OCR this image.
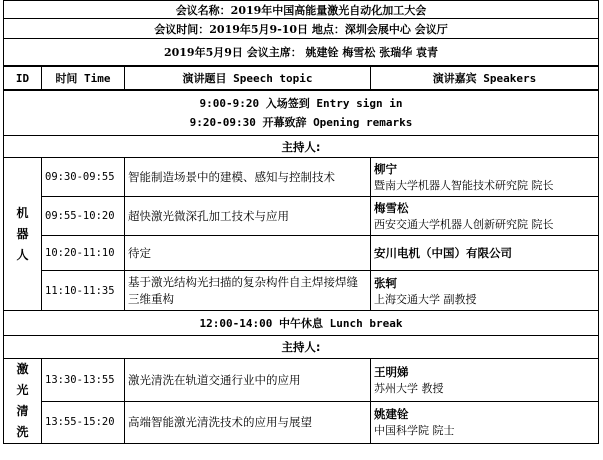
会议名称：2019年中国高能量激光自动化加工大会			
会议时间：2019年5月9-10日 地点：深圳会展中心 会议厅			
2019年5月9日 会议主席： 姚建铨 梅雪松 张瑞华 袁青			
ID	时间 Time	演讲题目 Speech topic	演讲嘉宾 Speakers

9:00-9:20 入场签到 Entry sign in
9:20-09:30 开幕致辞 Opening remarks			

主持人:			

机
器
人	09:30-09:55	智能制造场景中的建模、感知与控制技术	柳宁
暨南大学机器人智能技术研究院 院长

	09:55-10:20	超快激光微深孔加工技术与应用	梅雪松
西安交通大学机器人创新研究院 院长

	10:20-11:10	待定	安川电机（中国）有限公司

	11:10-11:35	基于激光结构光扫描的复杂构件自主焊接焊缝三维重构	张轲
上海交通大学 副教授

12:00-14:00 中午休息 Lunch break			
主持人:			

激
光
清
洗	13:30-13:55	激光清洗在轨道交通行业中的应用	王明娣
苏州大学 教授

	13:55-15:20	高端智能激光清洗技术的应用与展望	姚建铨
中国科学院 院士
